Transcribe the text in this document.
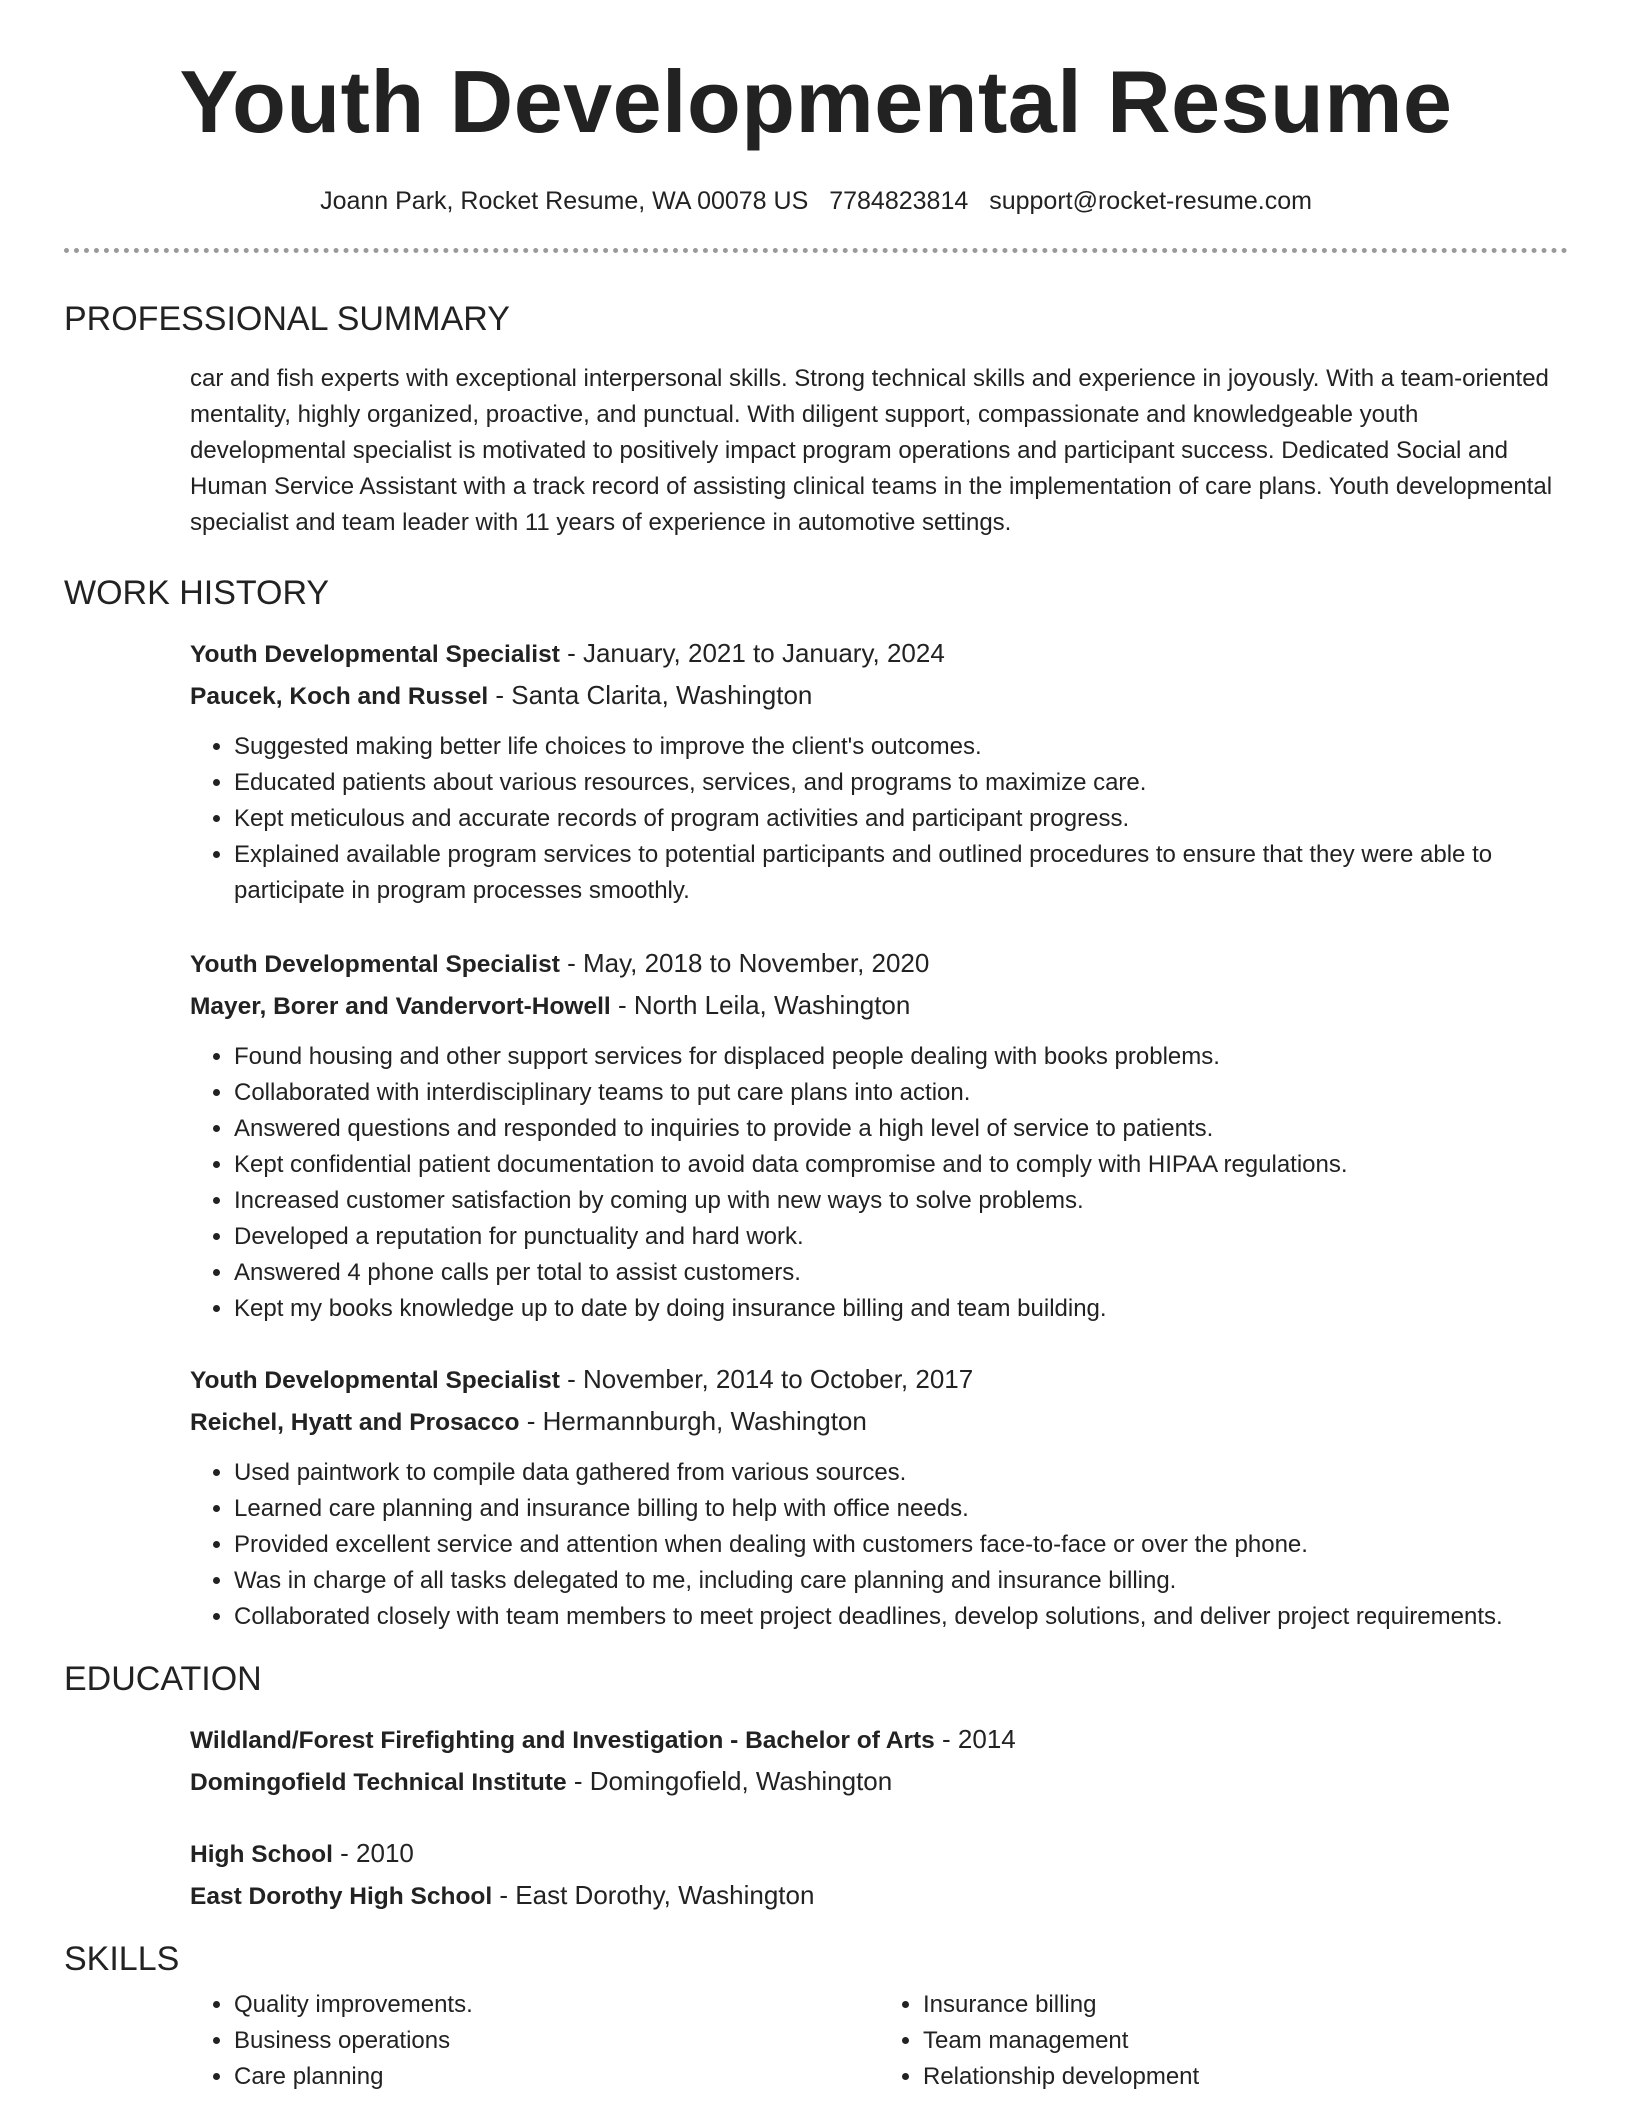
Youth Developmental Resume
Joann Park, Rocket Resume, WA 00078 US 7784823814 support@rocket-resume.com
PROFESSIONAL SUMMARY
car and fish experts with exceptional interpersonal skills. Strong technical skills and experience in joyously. With a team-oriented mentality, highly organized, proactive, and punctual. With diligent support, compassionate and knowledgeable youth developmental specialist is motivated to positively impact program operations and participant success. Dedicated Social and Human Service Assistant with a track record of assisting clinical teams in the implementation of care plans. Youth developmental specialist and team leader with 11 years of experience in automotive settings.
WORK HISTORY
Youth Developmental Specialist - January, 2021 to January, 2024
Paucek, Koch and Russel - Santa Clarita, Washington
• Suggested making better life choices to improve the client's outcomes.
• Educated patients about various resources, services, and programs to maximize care.
• Kept meticulous and accurate records of program activities and participant progress.
• Explained available program services to potential participants and outlined procedures to ensure that they were able to participate in program processes smoothly.
Youth Developmental Specialist - May, 2018 to November, 2020
Mayer, Borer and Vandervort-Howell - North Leila, Washington
• Found housing and other support services for displaced people dealing with books problems.
• Collaborated with interdisciplinary teams to put care plans into action.
• Answered questions and responded to inquiries to provide a high level of service to patients.
• Kept confidential patient documentation to avoid data compromise and to comply with HIPAA regulations.
• Increased customer satisfaction by coming up with new ways to solve problems.
• Developed a reputation for punctuality and hard work.
• Answered 4 phone calls per total to assist customers.
• Kept my books knowledge up to date by doing insurance billing and team building.
Youth Developmental Specialist - November, 2014 to October, 2017
Reichel, Hyatt and Prosacco - Hermannburgh, Washington
• Used paintwork to compile data gathered from various sources.
• Learned care planning and insurance billing to help with office needs.
• Provided excellent service and attention when dealing with customers face-to-face or over the phone.
• Was in charge of all tasks delegated to me, including care planning and insurance billing.
• Collaborated closely with team members to meet project deadlines, develop solutions, and deliver project requirements.
EDUCATION
Wildland/Forest Firefighting and Investigation - Bachelor of Arts - 2014
Domingofield Technical Institute - Domingofield, Washington
High School - 2010
East Dorothy High School - East Dorothy, Washington
SKILLS
• Quality improvements.
• Business operations
• Care planning
• Insurance billing
• Team management
• Relationship development
